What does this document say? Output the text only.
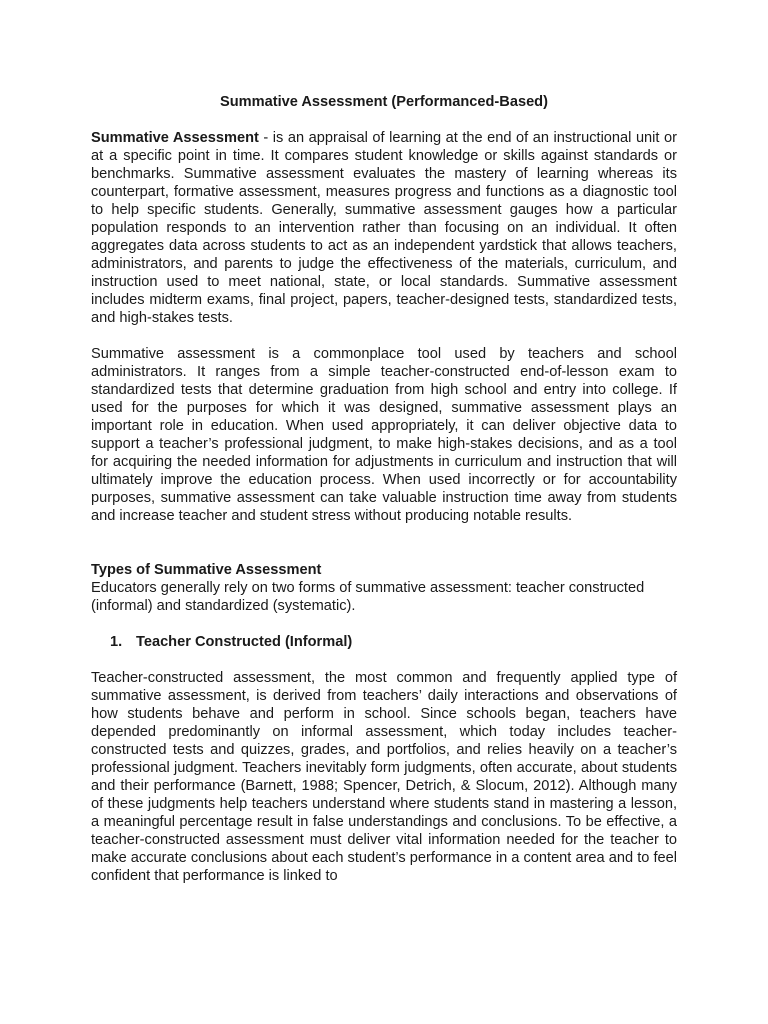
Summative Assessment (Performanced-Based)

Summative Assessment - is an appraisal of learning at the end of an instructional unit or at a specific point in time. It compares student knowledge or skills against standards or benchmarks. Summative assessment evaluates the mastery of learning whereas its counterpart, formative assessment, measures progress and functions as a diagnostic tool to help specific students. Generally, summative assessment gauges how a particular population responds to an intervention rather than focusing on an individual. It often aggregates data across students to act as an independent yardstick that allows teachers, administrators, and parents to judge the effectiveness of the materials, curriculum, and instruction used to meet national, state, or local standards. Summative assessment includes midterm exams, final project, papers, teacher-designed tests, standardized tests, and high-stakes tests.

Summative assessment is a commonplace tool used by teachers and school administrators. It ranges from a simple teacher-constructed end-of-lesson exam to standardized tests that determine graduation from high school and entry into college. If used for the purposes for which it was designed, summative assessment plays an important role in education. When used appropriately, it can deliver objective data to support a teacher’s professional judgment, to make high-stakes decisions, and as a tool for acquiring the needed information for adjustments in curriculum and instruction that will ultimately improve the education process. When used incorrectly or for accountability purposes, summative assessment can take valuable instruction time away from students and increase teacher and student stress without producing notable results.

Types of Summative Assessment

Educators generally rely on two forms of summative assessment: teacher constructed (informal) and standardized (systematic).

1. Teacher Constructed (Informal)

Teacher-constructed assessment, the most common and frequently applied type of summative assessment, is derived from teachers’ daily interactions and observations of how students behave and perform in school. Since schools began, teachers have depended predominantly on informal assessment, which today includes teacher-constructed tests and quizzes, grades, and portfolios, and relies heavily on a teacher’s professional judgment. Teachers inevitably form judgments, often accurate, about students and their performance (Barnett, 1988; Spencer, Detrich, & Slocum, 2012). Although many of these judgments help teachers understand where students stand in mastering a lesson, a meaningful percentage result in false understandings and conclusions. To be effective, a teacher-constructed assessment must deliver vital information needed for the teacher to make accurate conclusions about each student’s performance in a content area and to feel confident that performance is linked to
